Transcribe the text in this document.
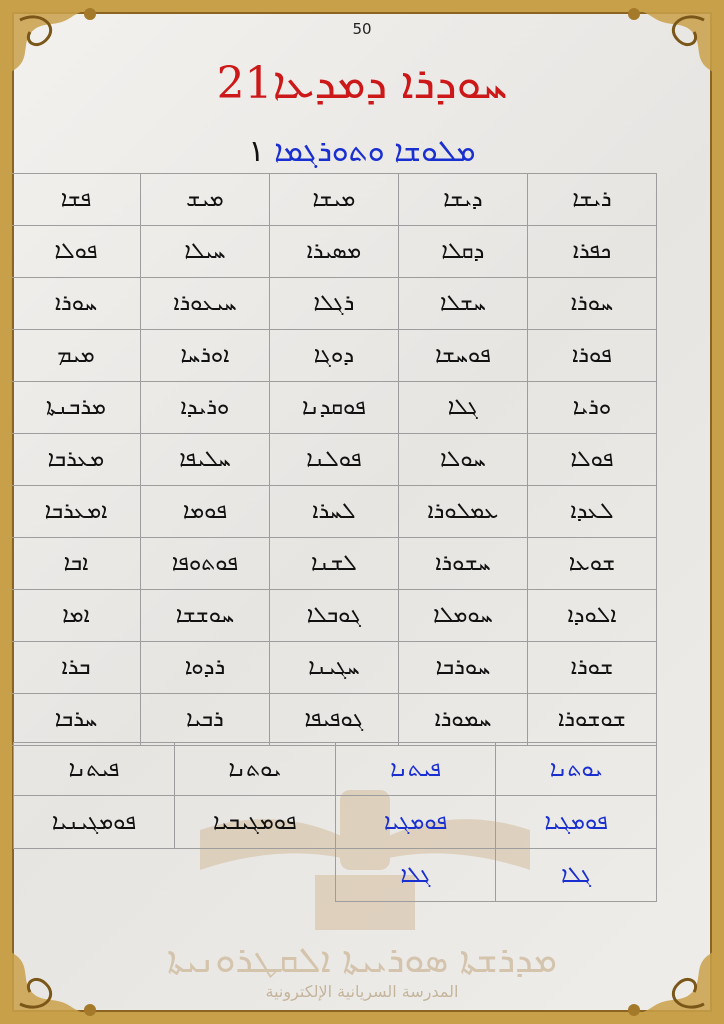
50
ܚܘܕܪܐ ܕܡܕܥܐ21
ܡܠܘܫܐ ܘܬܘܪܓܡܐ ١
ܦܫܐ	ܡܝܫ	ܡܝܫܐ	ܕܝܫܐ	ܪܝܫܐ
ܦܘܠܐ	ܚܝܠܐ	ܡܣܝܪܐ	ܕܩܠܐ	ܟܦܪܐ
ܚܘܪܐ	ܚܝܥܘܪܐ	ܪܓܠܐ	ܚܫܠܐ	ܚܘܪܐ
ܡܝܡ	ܐܘܪܚܐ	ܕܘܓܐ	ܦܘܚܫܐ	ܦܘܪܐ
ܡܪܒܢܬܐ	ܘܪܝܕܐ	ܦܘܩܕܢܐ	ܓܠܐ	ܘܪܝܐ
ܡܥܪܒܐ	ܚܠܝܦܐ	ܦܘܠܢܐ	ܚܘܠܐ	ܦܘܠܐ
ܐܡܥܪܒܐ	ܦܘܡܐ	ܠܚܪܐ	ܥܡܠܘܪܐ	ܠܥܕܐ
ܐܒܐ	ܦܘܬܘܦܐ	ܠܫܢܐ	ܚܫܘܪܐ	ܫܘܥܐ
ܐܡܐ	ܚܘܫܫܐ	ܓܘܒܠܐ	ܚܘܡܠܐ	ܐܠܘܕܐ
ܒܪܐ	ܪܕܘܐ	ܚܓܝܢܐ	ܚܘܪܒܐ	ܫܘܪܐ
ܚܪܒܐ	ܪܒܝܐ	ܓܘܦܝܦܐ	ܚܡܘܪܐ	ܫܘܫܘܪܐ
ܦܝܬܢܐ	ܝܘܬܢܐ	ܦܝܬܢܐ	ܝܘܬܢܐ
ܦܘܡܓܝܢܝܐ	ܦܘܡܓܝܒܝܐ	ܦܘܡܓܝܐ	ܦܘܡܓܝܐ
		ܓܠܐ	ܓܠܐ
ܡܕܪܫܬܐ ܣܘܪܝܝܬܐ ܐܠܩܛܪܘܢܝܬܐ
المدرسة السريانية الإلكترونية
